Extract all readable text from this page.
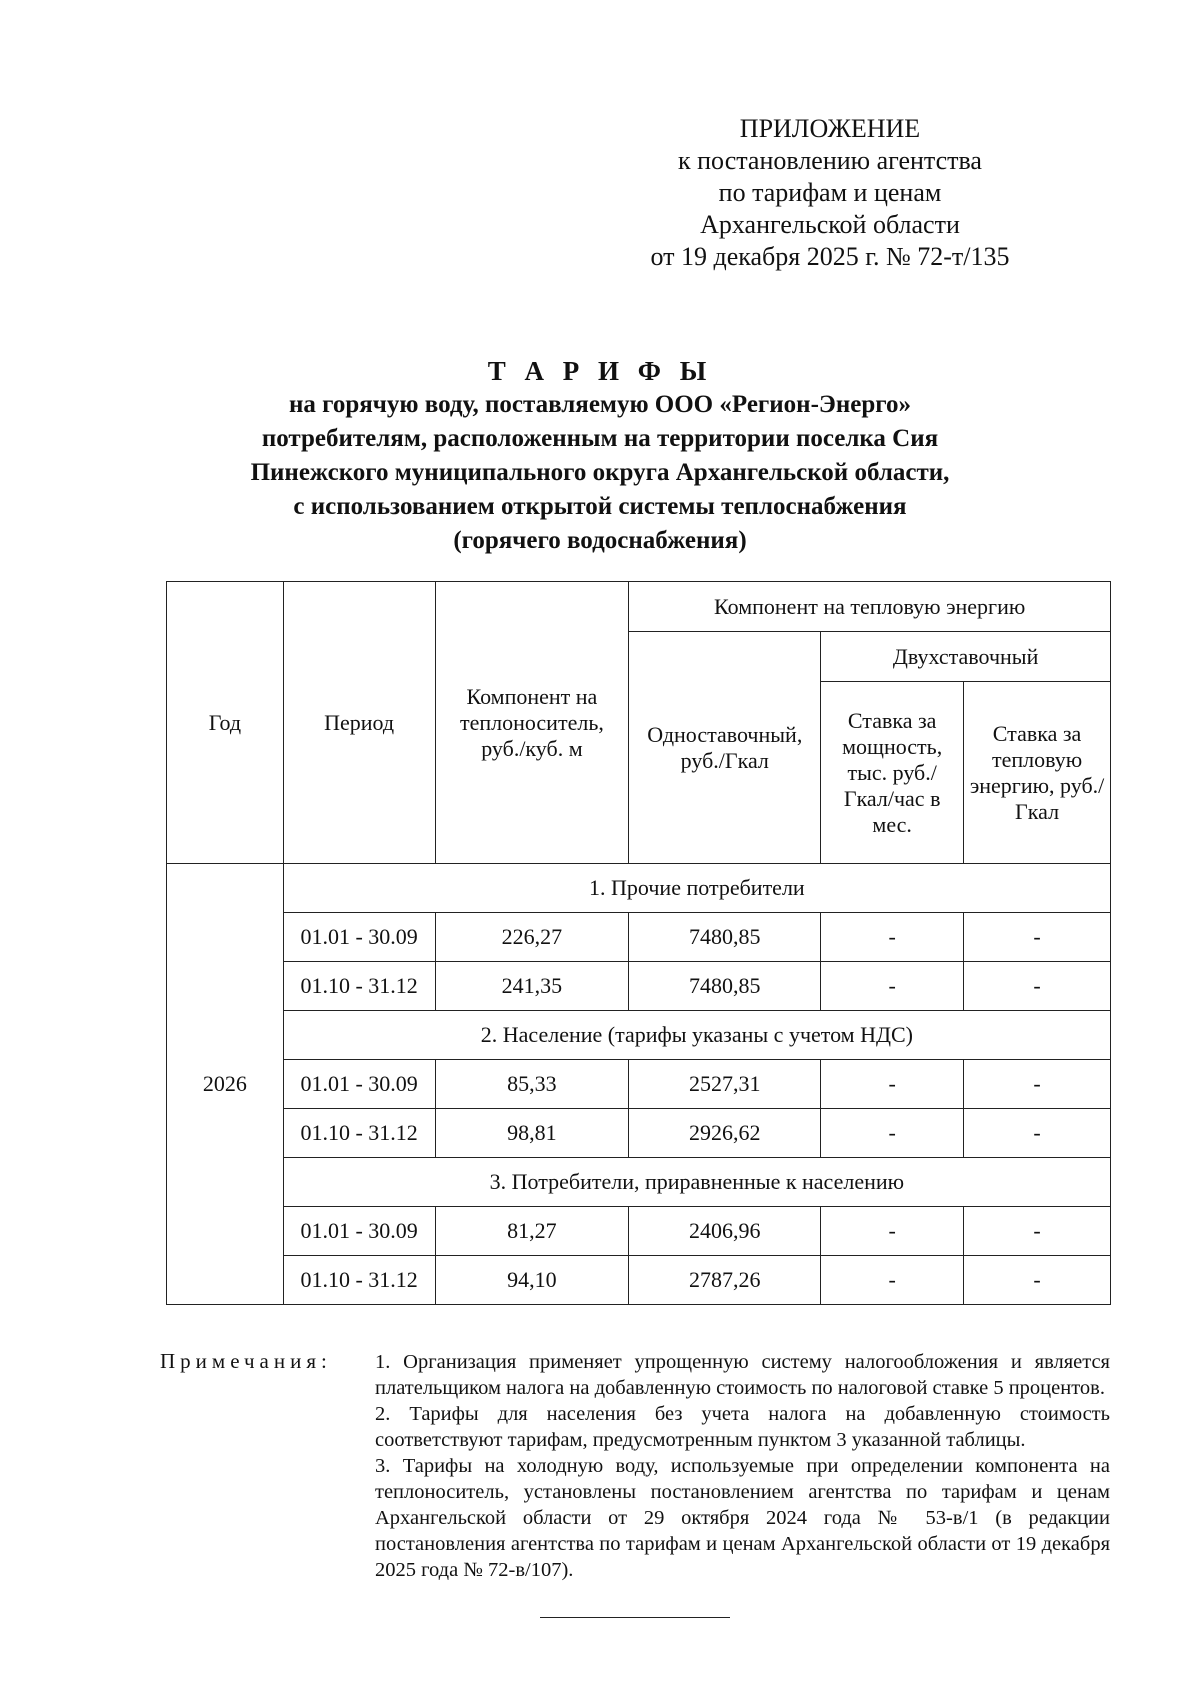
ПРИЛОЖЕНИЕ
к постановлению агентства
по тарифам и ценам
Архангельской области
от 19 декабря 2025 г. № 72-т/135
Т А Р И Ф Ы
на горячую воду, поставляемую ООО «Регион-Энерго»
потребителям, расположенным на территории поселка Сия
Пинежского муниципального округа Архангельской области,
с использованием открытой системы теплоснабжения
(горячего водоснабжения)
Год	Период	Компонент на теплоноситель, руб./куб. м	Компонент на тепловую энергию		
			Одноставочный, руб./Гкал	Двухставочный	
				Ставка за мощность, тыс. руб./ Гкал/час в мес.	Ставка за тепловую энергию, руб./Гкал
2026	1. Прочие потребители				
	01.01 - 30.09	226,27	7480,85	-	-
	01.10 - 31.12	241,35	7480,85	-	-
	2. Население (тарифы указаны с учетом НДС)				
	01.01 - 30.09	85,33	2527,31	-	-
	01.10 - 31.12	98,81	2926,62	-	-
	3. Потребители, приравненные к населению				
	01.01 - 30.09	81,27	2406,96	-	-
	01.10 - 31.12	94,10	2787,26	-	-
Примечания: 1. Организация применяет упрощенную систему налогообложения и является плательщиком налога на добавленную стоимость по налоговой ставке 5 процентов.

2. Тарифы для населения без учета налога на добавленную стоимость соответствуют тарифам, предусмотренным пунктом 3 указанной таблицы.

3. Тарифы на холодную воду, используемые при определении компонента на теплоноситель, установлены постановлением агентства по тарифам и ценам Архангельской области от 29 октября 2024 года № 53-в/1 (в редакции постановления агентства по тарифам и ценам Архангельской области от 19 декабря 2025 года № 72-в/107).
